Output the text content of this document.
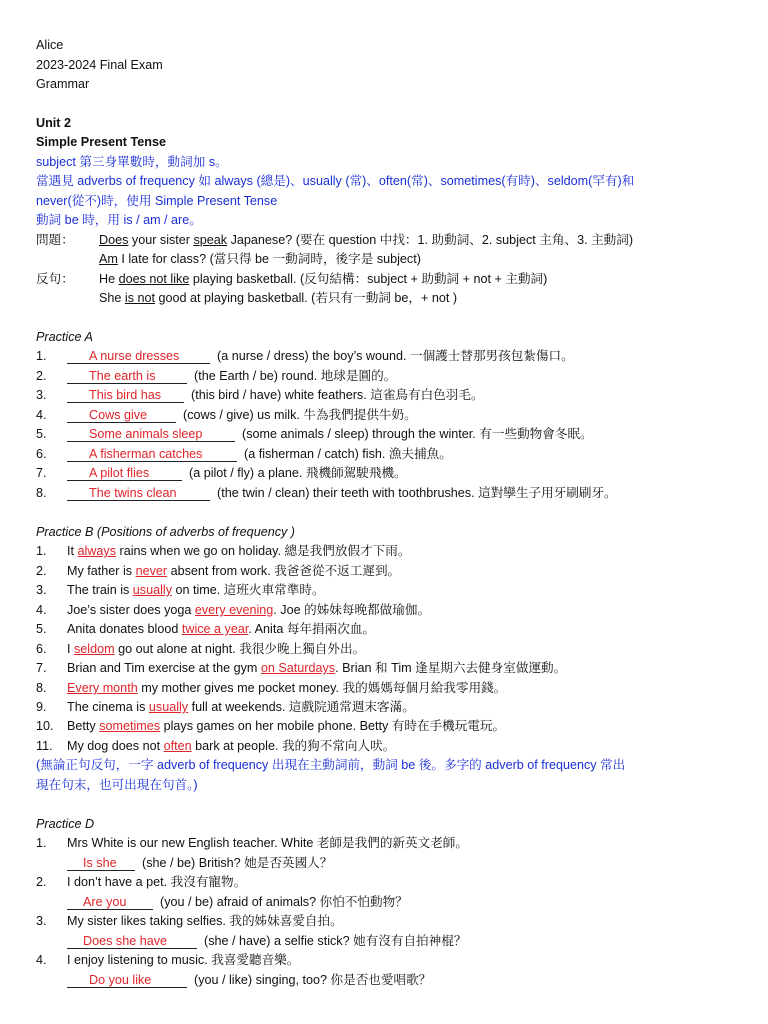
Alice
2023-2024 Final Exam
Grammar
Unit 2
Simple Present Tense
subject 第三身單數時，動詞加 s。
當遇見 adverbs of frequency 如 always (總是)、usually (常)、often(常)、sometimes(有時)、seldom(罕有)和
never(從不)時，使用 Simple Present Tense
動詞 be 時，用 is / am / are。
問題： Does your sister speak Japanese? (要在 question 中找：1. 助動詞、2. subject 主角、3. 主動詞)
Am I late for class? (當只得 be 一動詞時，後字是 subject)
反句： He does not like playing basketball. (反句結構：subject + 助動詞 + not + 主動詞)
She is not good at playing basketball. (若只有一動詞 be，+ not )
Practice A
1.	A nurse dresses	(a nurse / dress) the boy’s wound. 一個護士替那男孩包紮傷口。
2.	The earth is	(the Earth / be) round. 地球是圓的。
3.	This bird has (this bird / have) white feathers. 這雀鳥有白色羽毛。
4.	Cows give	(cows / give) us milk. 牛為我們提供牛奶。
5.	Some animals sleep	(some animals / sleep) through the winter. 有一些動物會冬眠。
6.	A fisherman catches	(a fisherman / catch) fish. 漁夫捕魚。
7.	A pilot flies	(a pilot / fly) a plane. 飛機師駕駛飛機。
8.	The twins clean	(the twin / clean) their teeth with toothbrushes. 這對孿生子用牙刷刷牙。
Practice B (Positions of adverbs of frequency )
1. It always rains when we go on holiday. 總是我們放假才下雨。
2. My father is never absent from work. 我爸爸從不返工遲到。
3. The train is usually on time. 這班火車常準時。
4. Joe’s sister does yoga every evening. Joe 的姊妹每晚都做瑜伽。
5. Anita donates blood twice a year. Anita 每年捐兩次血。
6. I seldom go out alone at night. 我很少晚上獨自外出。
7. Brian and Tim exercise at the gym on Saturdays. Brian 和 Tim 逢星期六去健身室做運動。
8. Every month my mother gives me pocket money. 我的媽媽每個月給我零用錢。
9. The cinema is usually full at weekends. 這戲院通常週末客滿。
10. Betty sometimes plays games on her mobile phone. Betty 有時在手機玩電玩。
11. My dog does not often bark at people. 我的狗不常向人吠。
(無論正句反句，一字 adverb of frequency 出現在主動詞前，動詞 be 後。多字的 adverb of frequency 常出
現在句末，也可出現在句首。)
Practice D
1. Mrs White is our new English teacher. White 老師是我們的新英文老師。
Is she (she / be) British? 她是否英國人？
2. I don’t have a pet. 我沒有寵物。
Are you	(you / be) afraid of animals? 你怕不怕動物？
3. My sister likes taking selfies. 我的姊妹喜愛自拍。
Does she have	(she / have) a selfie stick? 她有沒有自拍神棍？
4. I enjoy listening to music. 我喜愛聽音樂。
Do you like	(you / like) singing, too? 你是否也愛唱歌？
